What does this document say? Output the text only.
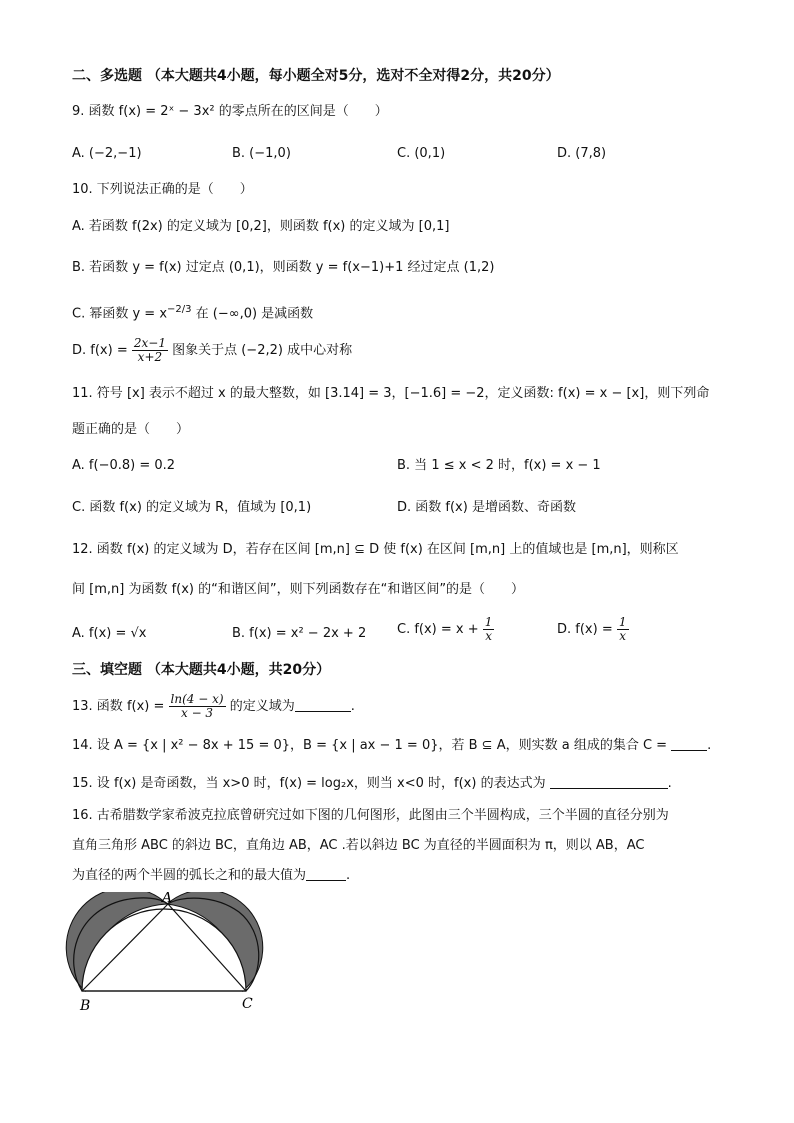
二、多选题 （本大题共4小题，每小题全对5分，选对不全对得2分，共20分）
9. 函数 f(x) = 2ˣ − 3x² 的零点所在的区间是（　　）
A. (−2,−1)	B. (−1,0)	C. (0,1)	D. (7,8)
10. 下列说法正确的是（　　）
A. 若函数 f(2x) 的定义域为 [0,2]，则函数 f(x) 的定义域为 [0,1]
B. 若函数 y = f(x) 过定点 (0,1)，则函数 y = f(x−1)+1 经过定点 (1,2)
C. 幂函数 $y = x^{-2/3}$ 在 (−∞,0) 是减函数
D. $f(x) = \frac{2x-1}{x+2}$ 图象关于点 (−2,2) 成中心对称
11. 符号 [x] 表示不超过 x 的最大整数，如 [3.14] = 3，[−1.6] = −2，定义函数: f(x) = x − [x]，则下列命
题正确的是（　　）
A. f(−0.8) = 0.2	B. 当 1 ≤ x < 2 时，f(x) = x − 1
C. 函数 f(x) 的定义域为 R，值域为 [0,1)	D. 函数 f(x) 是增函数、奇函数
12. 函数 f(x) 的定义域为 D，若存在区间 [m,n] ⊆ D 使 f(x) 在区间 [m,n] 上的值域也是 [m,n]，则称区
间 [m,n] 为函数 f(x) 的“和谐区间”，则下列函数存在“和谐区间”的是（　　）
A. f(x) = √x	B. f(x) = x² − 2x + 2 C. $f(x) = x + \frac{1}{x}$	D. $f(x) = \frac{1}{x}$
三、填空题 （本大题共4小题，共20分）
13. 函数 $f(x) = \frac{\ln(4 - x)}{x - 3}$ 的定义域为	.
14. 设 A = {x | x² − 8x + 15 = 0}，B = {x | ax − 1 = 0}，若 B ⊆ A，则实数 a 组成的集合 C =	.
15. 设 f(x) 是奇函数，当 x>0 时，f(x) = log₂x，则当 x<0 时，f(x) 的表达式为	.
16. 古希腊数学家希波克拉底曾研究过如下图的几何图形，此图由三个半圆构成，三个半圆的直径分别为
直角三角形 ABC 的斜边 BC，直角边 AB，AC .若以斜边 BC 为直径的半圆面积为 π，则以 AB，AC
为直径的两个半圆的弧长之和的最大值为	.
A
B	C
